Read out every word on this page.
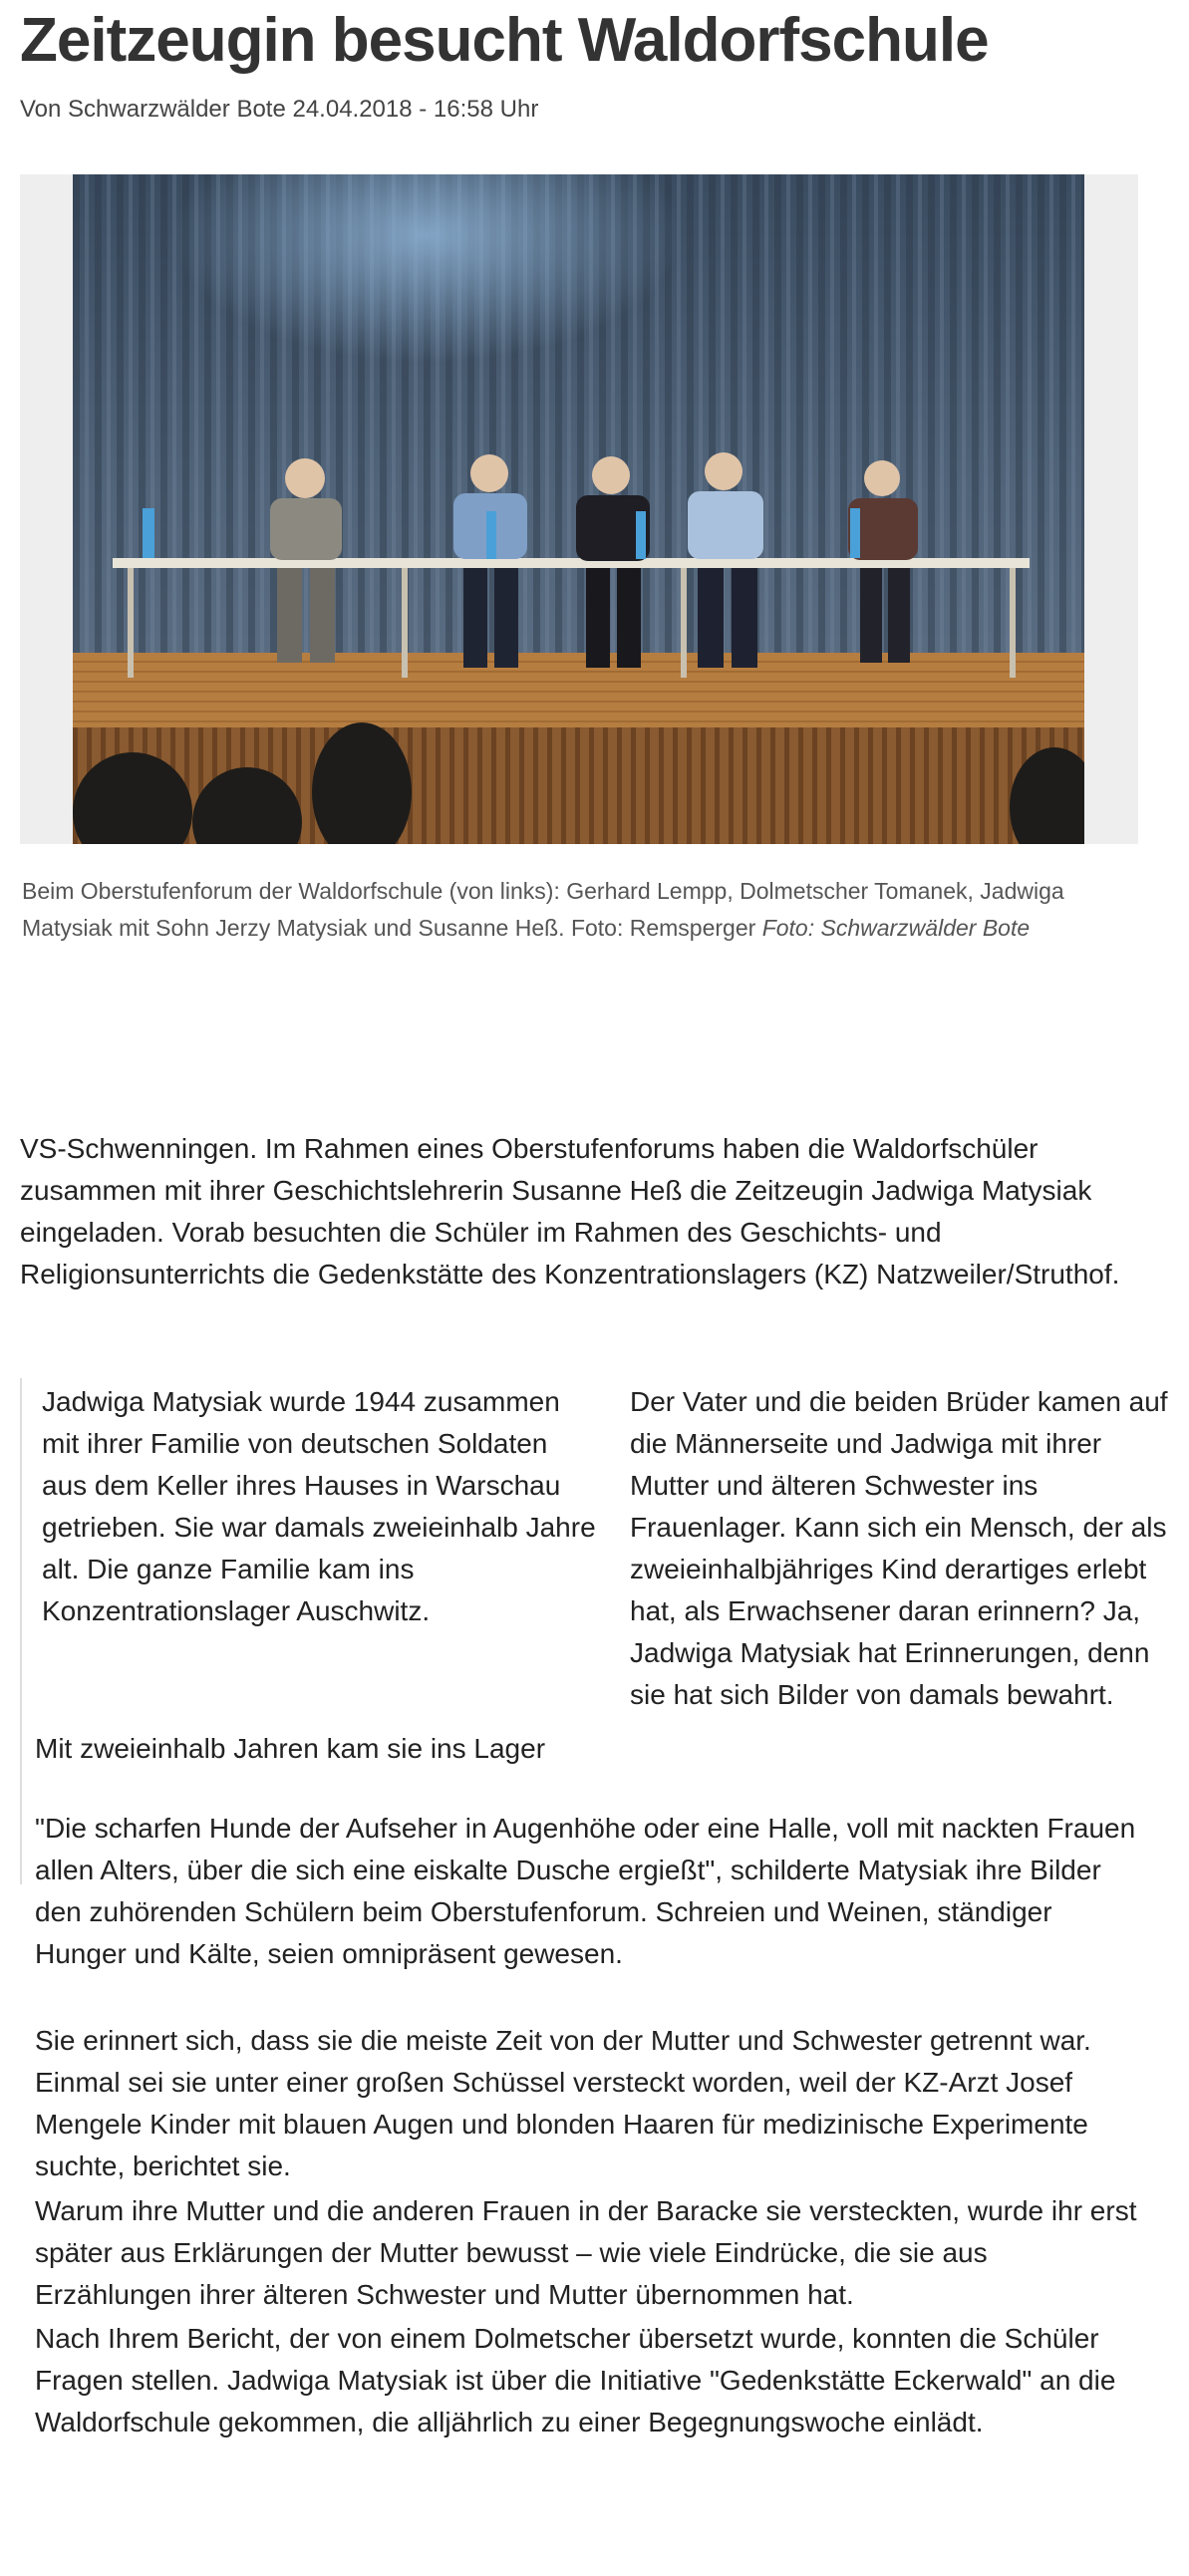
Zeitzeugin besucht Waldorfschule
Von Schwarzwälder Bote 24.04.2018 - 16:58 Uhr
Beim Oberstufenforum der Waldorfschule (von links): Gerhard Lempp, Dolmetscher Tomanek, Jadwiga Matysiak mit Sohn Jerzy Matysiak und Susanne Heß. Foto: Remsperger Foto: Schwarzwälder Bote

VS-Schwenningen. Im Rahmen eines Oberstufenforums haben die Waldorfschüler zusammen mit ihrer Geschichtslehrerin Susanne Heß die Zeitzeugin Jadwiga Matysiak eingeladen. Vorab besuchten die Schüler im Rahmen des Geschichts- und Religionsunterrichts die Gedenkstätte des Konzentrationslagers (KZ) Natzweiler/Struthof.

Jadwiga Matysiak wurde 1944 zusammen mit ihrer Familie von deutschen Soldaten aus dem Keller ihres Hauses in Warschau getrieben. Sie war damals zweieinhalb Jahre alt. Die ganze Familie kam ins Konzentrationslager Auschwitz.

Der Vater und die beiden Brüder kamen auf die Männerseite und Jadwiga mit ihrer Mutter und älteren Schwester ins Frauenlager. Kann sich ein Mensch, der als zweieinhalbjähriges Kind derartiges erlebt hat, als Erwachsener daran erinnern? Ja, Jadwiga Matysiak hat Erinnerungen, denn sie hat sich Bilder von damals bewahrt.

Mit zweieinhalb Jahren kam sie ins Lager

"Die scharfen Hunde der Aufseher in Augenhöhe oder eine Halle, voll mit nackten Frauen allen Alters, über die sich eine eiskalte Dusche ergießt", schilderte Matysiak ihre Bilder den zuhörenden Schülern beim Oberstufenforum. Schreien und Weinen, ständiger Hunger und Kälte, seien omnipräsent gewesen.

Sie erinnert sich, dass sie die meiste Zeit von der Mutter und Schwester getrennt war. Einmal sei sie unter einer großen Schüssel versteckt worden, weil der KZ-Arzt Josef Mengele Kinder mit blauen Augen und blonden Haaren für medizinische Experimente suchte, berichtet sie.

Warum ihre Mutter und die anderen Frauen in der Baracke sie versteckten, wurde ihr erst später aus Erklärungen der Mutter bewusst – wie viele Eindrücke, die sie aus Erzählungen ihrer älteren Schwester und Mutter übernommen hat.

Nach Ihrem Bericht, der von einem Dolmetscher übersetzt wurde, konnten die Schüler Fragen stellen. Jadwiga Matysiak ist über die Initiative "Gedenkstätte Eckerwald" an die Waldorfschule gekommen, die alljährlich zu einer Begegnungswoche einlädt.
